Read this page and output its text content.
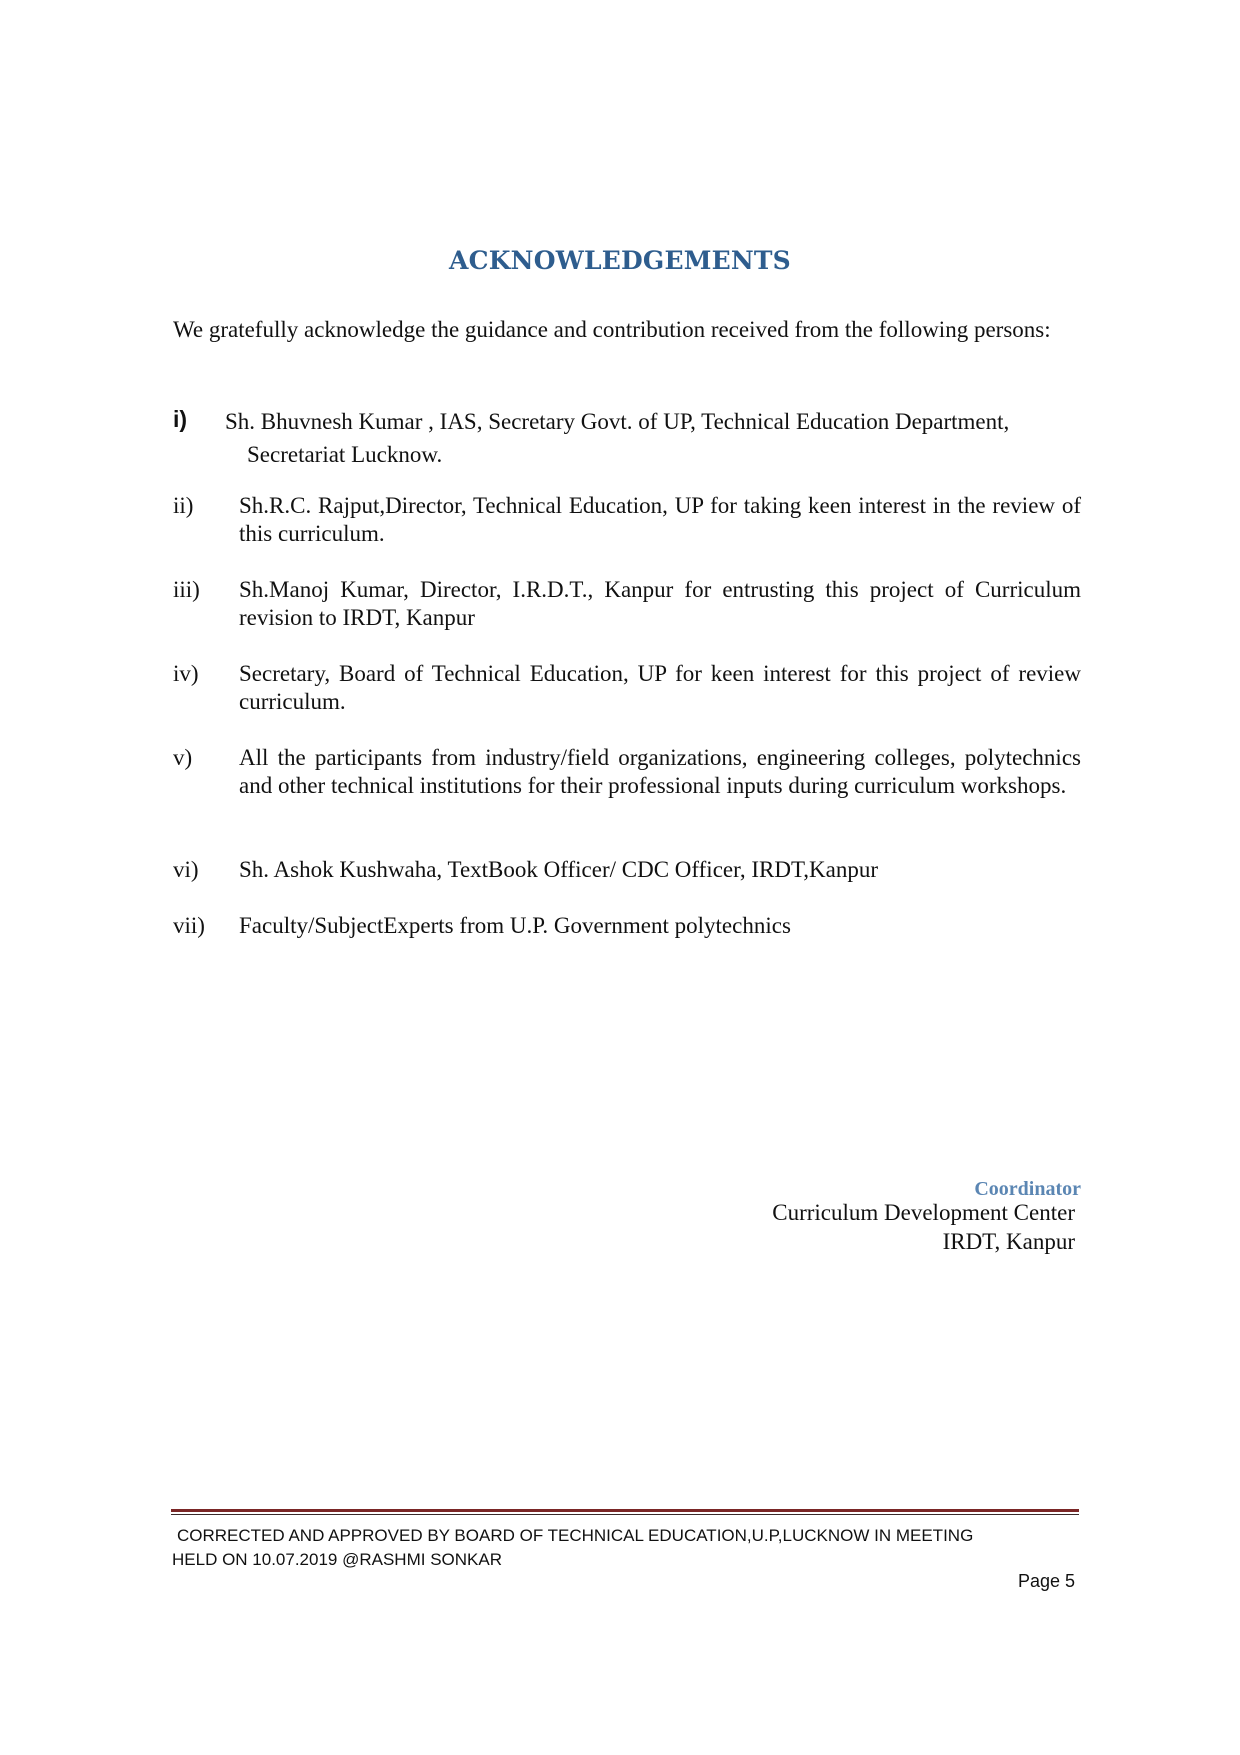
ACKNOWLEDGEMENTS
We gratefully acknowledge the guidance and contribution received from the following persons:
i) Sh. Bhuvnesh Kumar , IAS, Secretary Govt. of UP, Technical Education Department,
Secretariat Lucknow.
ii) Sh.R.C. Rajput,Director, Technical Education, UP for taking keen interest in the review of this curriculum.
iii) Sh.Manoj Kumar, Director, I.R.D.T., Kanpur for entrusting this project of Curriculum revision to IRDT, Kanpur
iv) Secretary, Board of Technical Education, UP for keen interest for this project of review curriculum.
v) All the participants from industry/field organizations, engineering colleges, polytechnics and other technical institutions for their professional inputs during curriculum workshops.
vi) Sh. Ashok Kushwaha, TextBook Officer/ CDC Officer, IRDT,Kanpur
vii) Faculty/SubjectExperts from U.P. Government polytechnics
Coordinator
Curriculum Development Center
IRDT, Kanpur
CORRECTED AND APPROVED BY BOARD OF TECHNICAL EDUCATION,U.P,LUCKNOW IN MEETING
HELD ON 10.07.2019 @RASHMI SONKAR
Page 5
